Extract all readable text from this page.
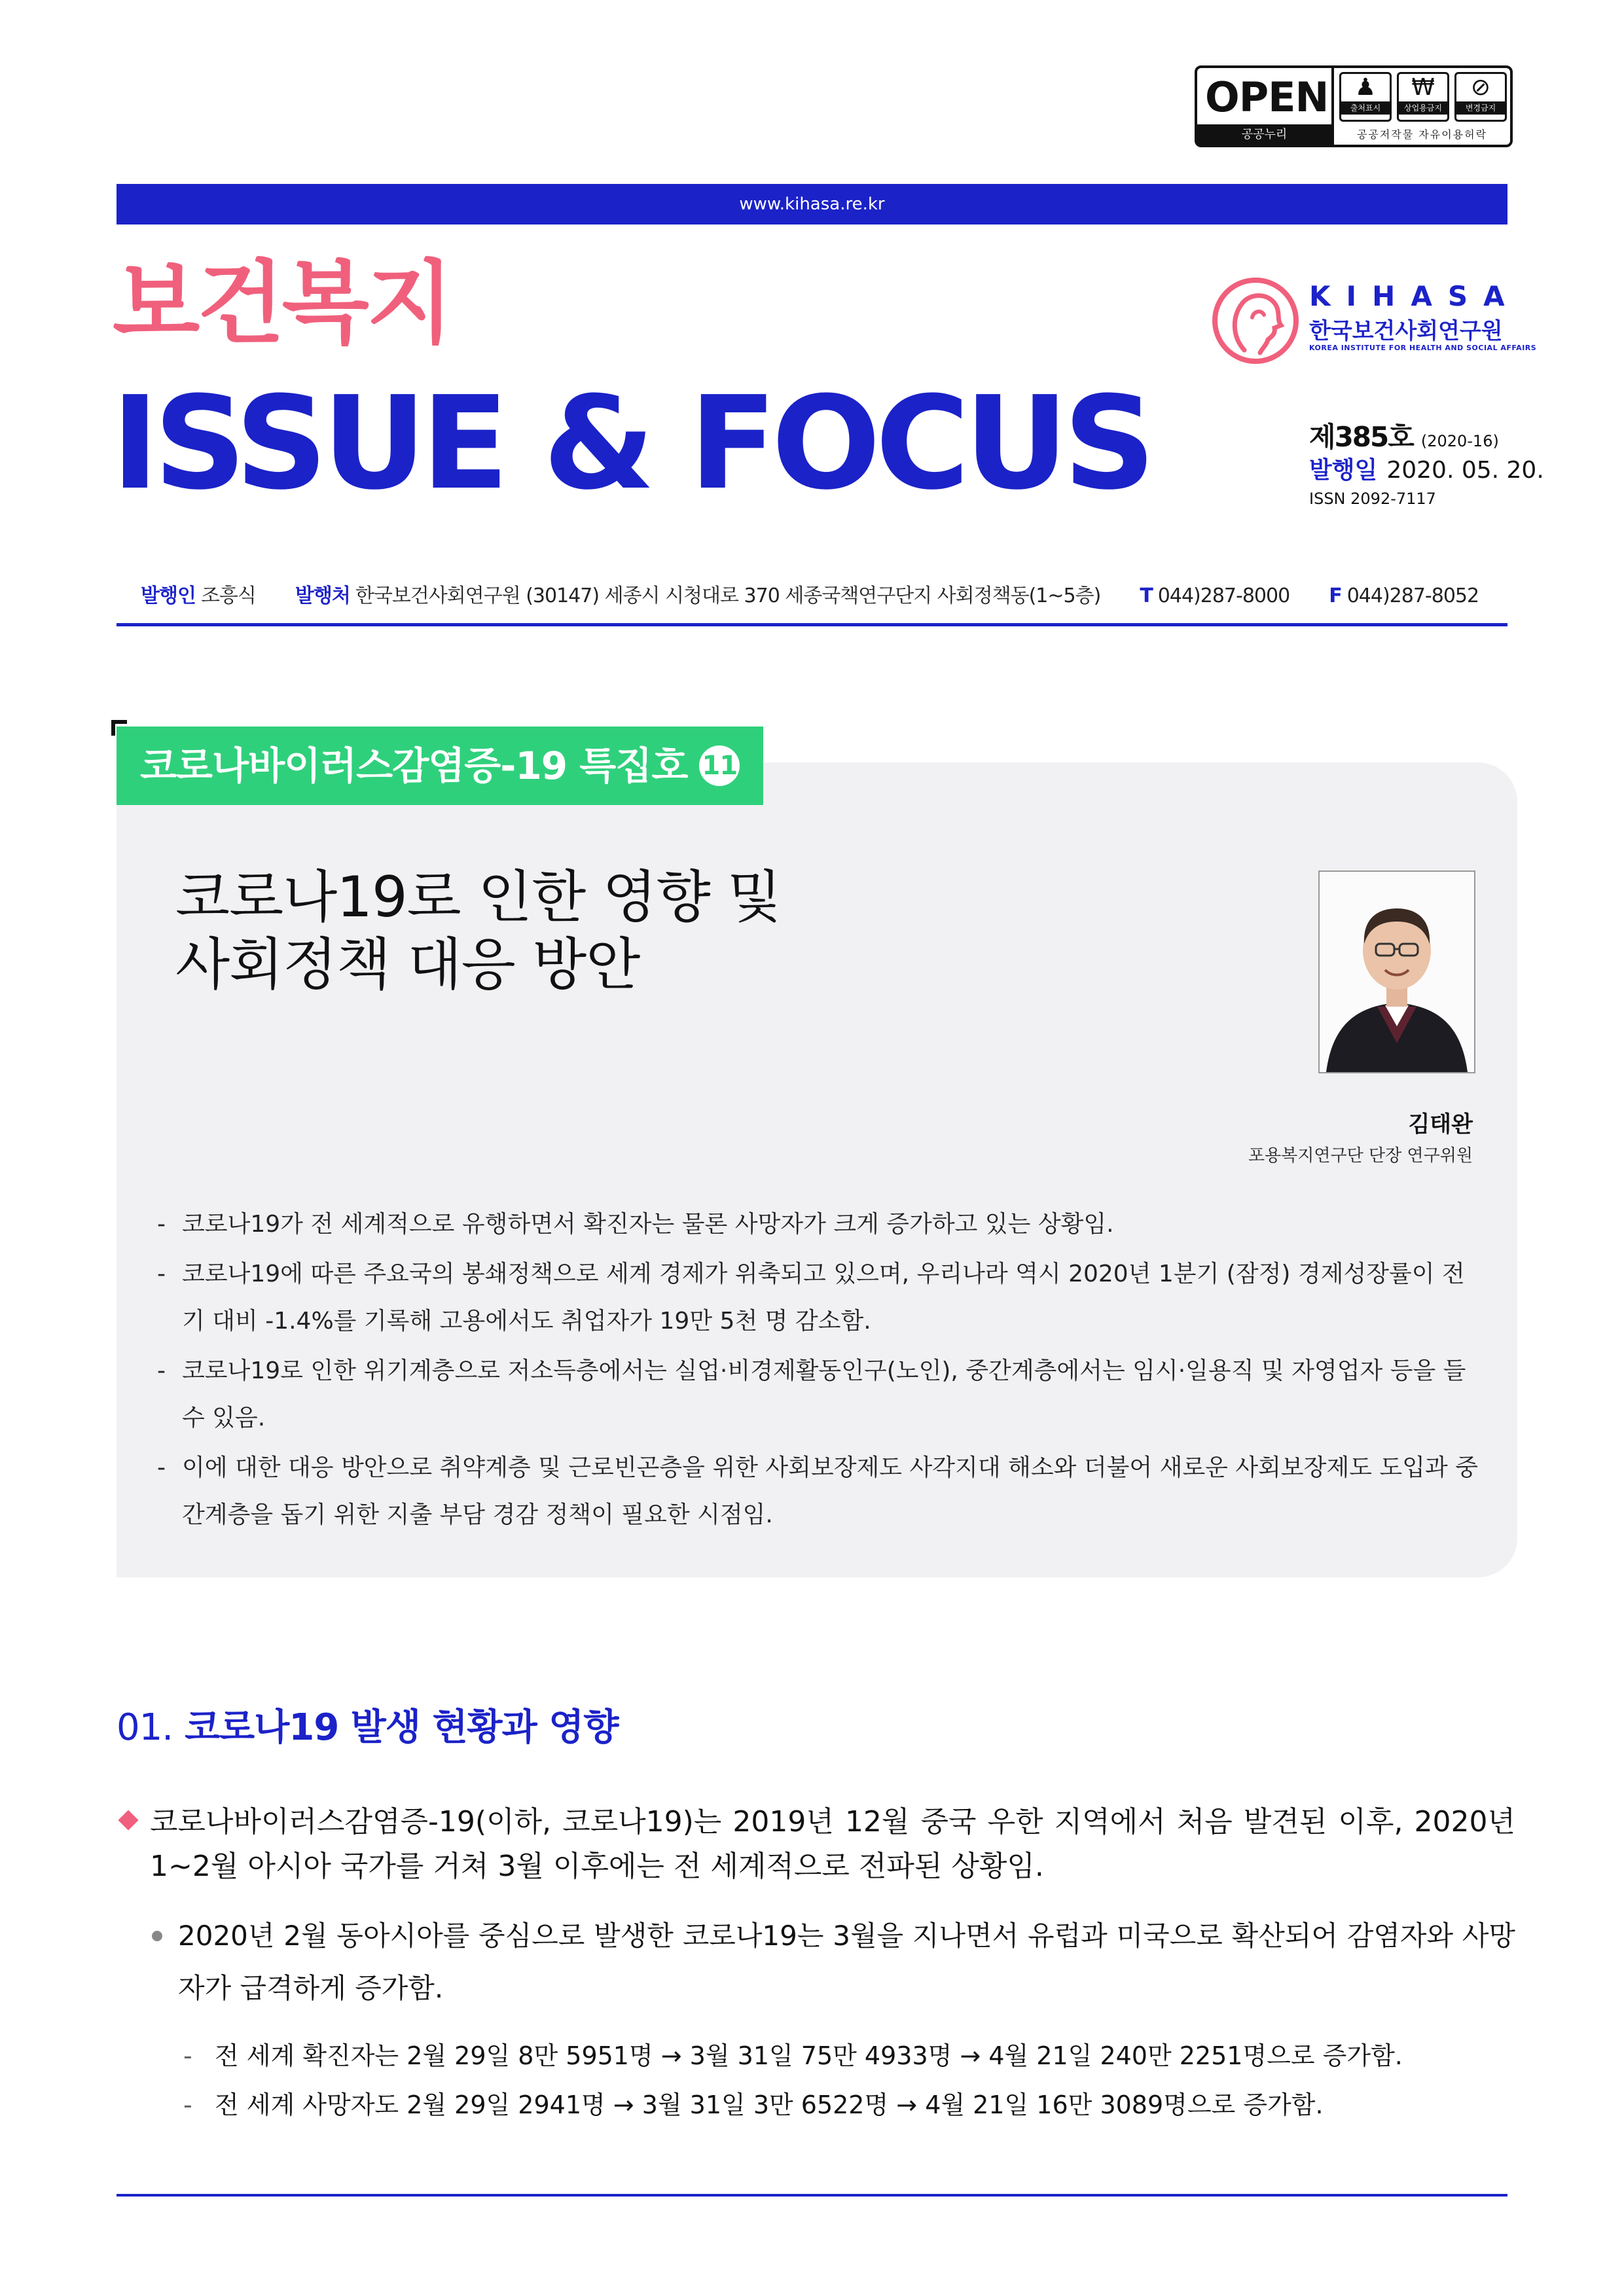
OPEN
공공누리
♟
출처표시
₩
상업용금지
⊘
변경금지
공공저작물 자유이용허락
www.kihasa.re.kr
보건복지
ISSUE & FOCUS
KIHASA
한국보건사회연구원
KOREA INSTITUTE FOR HEALTH AND SOCIAL AFFAIRS
제385호 (2020-16)
발행일 2020. 05. 20.
ISSN 2092-7117
발행인 조흥식 발행처 한국보건사회연구원 (30147) 세종시 시청대로 370 세종국책연구단지 사회정책동(1~5층) T 044)287-8000 F 044)287-8052
코로나바이러스감염증-19 특집호 11
코로나19로 인한 영향 및
사회정책 대응 방안
김태완
포용복지연구단 단장 연구위원
- 코로나19가 전 세계적으로 유행하면서 확진자는 물론 사망자가 크게 증가하고 있는 상황임.
- 코로나19에 따른 주요국의 봉쇄정책으로 세계 경제가 위축되고 있으며, 우리나라 역시 2020년 1분기 (잠정) 경제성장률이 전기 대비 -1.4%를 기록해 고용에서도 취업자가 19만 5천 명 감소함.
- 코로나19로 인한 위기계층으로 저소득층에서는 실업·비경제활동인구(노인), 중간계층에서는 임시·일용직 및 자영업자 등을 들 수 있음.
- 이에 대한 대응 방안으로 취약계층 및 근로빈곤층을 위한 사회보장제도 사각지대 해소와 더불어 새로운 사회보장제도 도입과 중간계층을 돕기 위한 지출 부담 경감 정책이 필요한 시점임.
01. 코로나19 발생 현황과 영향
코로나바이러스감염증-19(이하, 코로나19)는 2019년 12월 중국 우한 지역에서 처음 발견된 이후, 2020년 1~2월 아시아 국가를 거쳐 3월 이후에는 전 세계적으로 전파된 상황임.
2020년 2월 동아시아를 중심으로 발생한 코로나19는 3월을 지나면서 유럽과 미국으로 확산되어 감염자와 사망자가 급격하게 증가함.
- 전 세계 확진자는 2월 29일 8만 5951명 → 3월 31일 75만 4933명 → 4월 21일 240만 2251명으로 증가함.
- 전 세계 사망자도 2월 29일 2941명 → 3월 31일 3만 6522명 → 4월 21일 16만 3089명으로 증가함.
